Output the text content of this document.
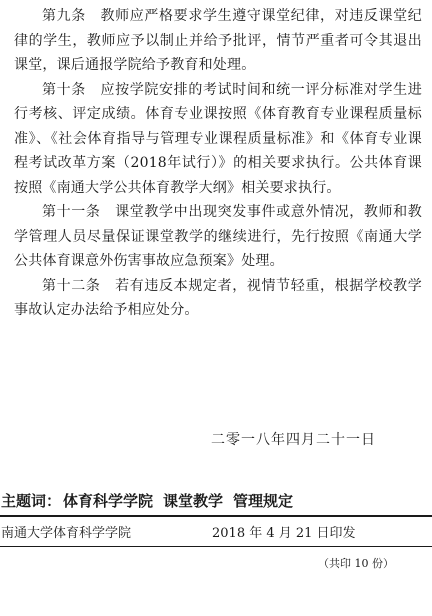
第九条　教师应严格要求学生遵守课堂纪律，对违反课堂纪律的学生，教师应予以制止并给予批评，情节严重者可令其退出课堂，课后通报学院给予教育和处理。

第十条　应按学院安排的考试时间和统一评分标准对学生进行考核、评定成绩。体育专业课按照《体育教育专业课程质量标准》、《社会体育指导与管理专业课程质量标准》和《体育专业课程考试改革方案（2018年试行）》的相关要求执行。公共体育课按照《南通大学公共体育教学大纲》相关要求执行。

第十一条　课堂教学中出现突发事件或意外情况，教师和教学管理人员尽量保证课堂教学的继续进行，先行按照《南通大学公共体育课意外伤害事故应急预案》处理。

第十二条　若有违反本规定者，视情节轻重，根据学校教学事故认定办法给予相应处分。

二零一八年四月二十一日
主题词： 体育科学学院 课堂教学 管理规定
南通大学体育科学学院	2018 年 4 月 21 日印发
（共印 10 份）
